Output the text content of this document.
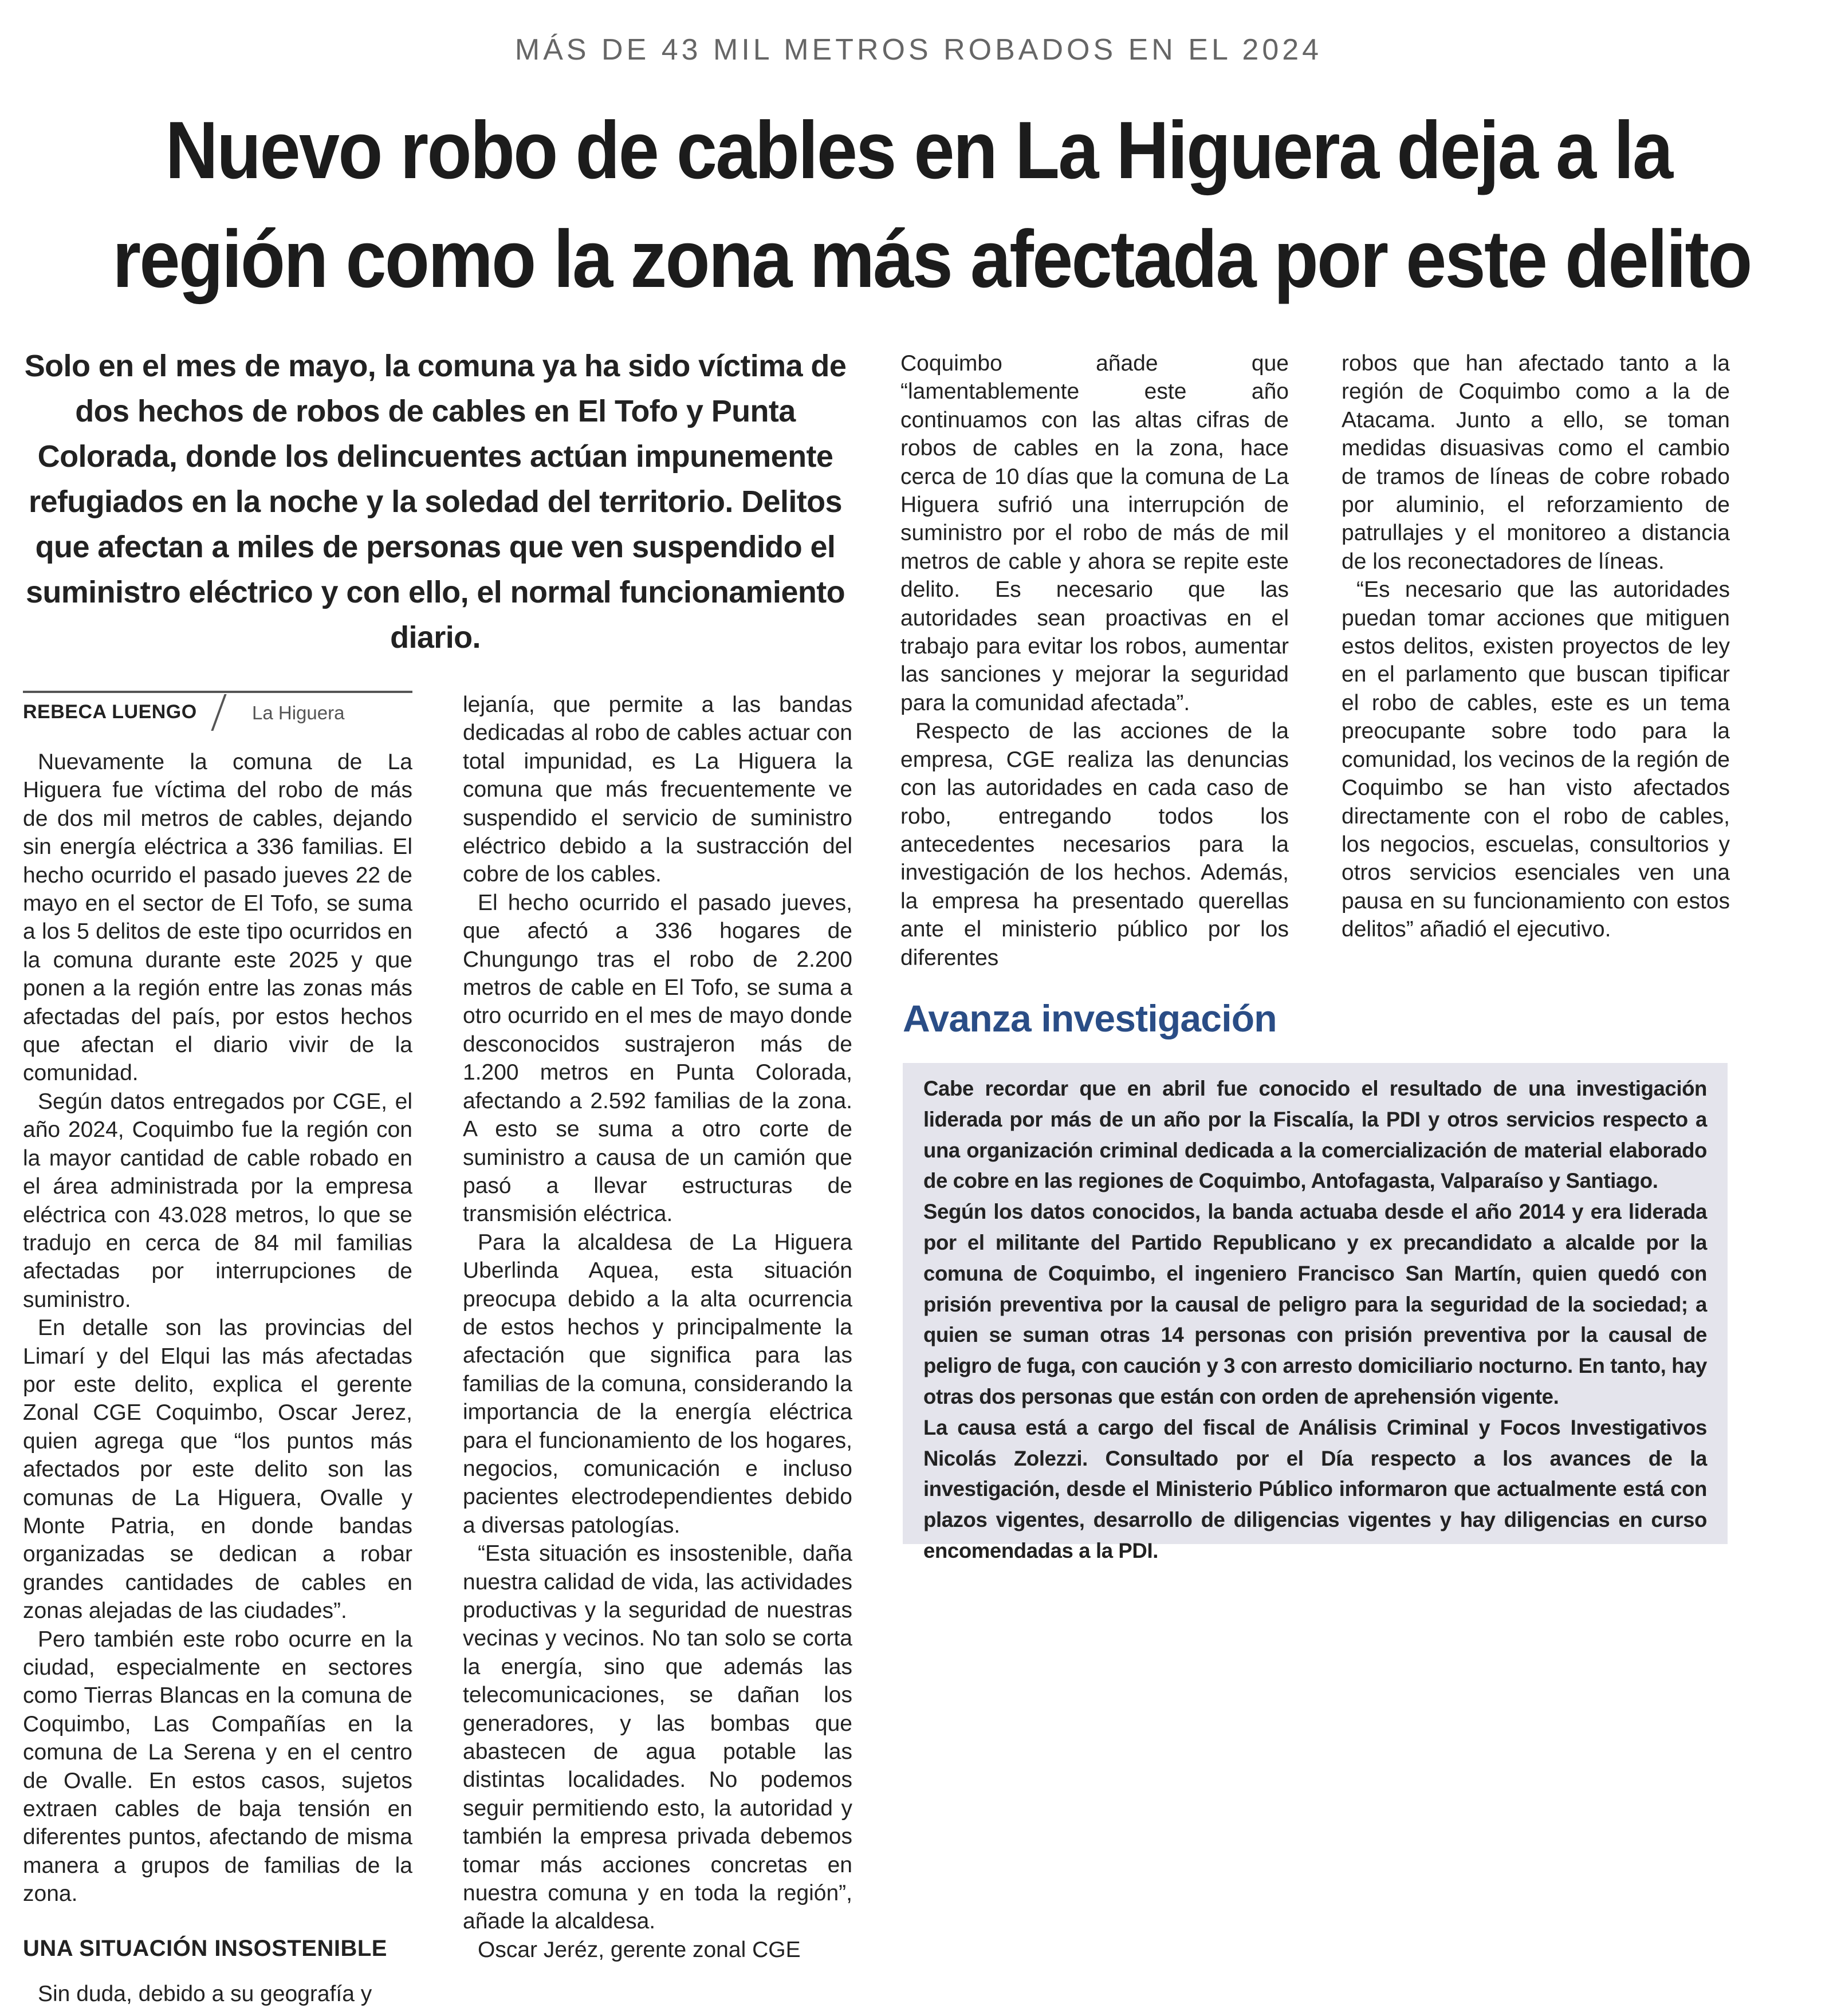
MÁS DE 43 MIL METROS ROBADOS EN EL 2024
Nuevo robo de cables en La Higuera deja a la
región como la zona más afectada por este delito
Solo en el mes de mayo, la comuna ya ha sido víctima de dos hechos de robos de cables en El Tofo y Punta Colorada, donde los delincuentes actúan impunemente refugiados en la noche y la soledad del territorio. Delitos que afectan a miles de personas que ven suspendido el suministro eléctrico y con ello, el normal funcionamiento diario.
REBECA LUENGO	La Higuera

Nuevamente la comuna de La Higuera fue víctima del robo de más de dos mil metros de cables, dejando sin energía eléctrica a 336 familias. El hecho ocurrido el pasado jueves 22 de mayo en el sector de El Tofo, se suma a los 5 delitos de este tipo ocurridos en la comuna durante este 2025 y que ponen a la región entre las zonas más afectadas del país, por estos hechos que afectan el diario vivir de la comunidad.

Según datos entregados por CGE, el año 2024, Coquimbo fue la región con la mayor cantidad de cable robado en el área administrada por la empresa eléctrica con 43.028 metros, lo que se tradujo en cerca de 84 mil familias afectadas por interrupciones de suministro.

En detalle son las provincias del Limarí y del Elqui las más afectadas por este delito, explica el gerente Zonal CGE Coquimbo, Oscar Jerez, quien agrega que “los puntos más afectados por este delito son las comunas de La Higuera, Ovalle y Monte Patria, en donde bandas organizadas se dedican a robar grandes cantidades de cables en zonas alejadas de las ciudades”.

Pero también este robo ocurre en la ciudad, especialmente en sectores como Tierras Blancas en la comuna de Coquimbo, Las Compañías en la comuna de La Serena y en el centro de Ovalle. En estos casos, sujetos extraen cables de baja tensión en diferentes puntos, afectando de misma manera a grupos de familias de la zona.

UNA SITUACIÓN INSOSTENIBLE

Sin duda, debido a su geografía y

lejanía, que permite a las bandas dedicadas al robo de cables actuar con total impunidad, es La Higuera la comuna que más frecuentemente ve suspendido el servicio de suministro eléctrico debido a la sustracción del cobre de los cables.

El hecho ocurrido el pasado jueves, que afectó a 336 hogares de Chungungo tras el robo de 2.200 metros de cable en El Tofo, se suma a otro ocurrido en el mes de mayo donde desconocidos sustrajeron más de 1.200 metros en Punta Colorada, afectando a 2.592 familias de la zona. A esto se suma a otro corte de suministro a causa de un camión que pasó a llevar estructuras de transmisión eléctrica.

Para la alcaldesa de La Higuera Uberlinda Aquea, esta situación preocupa debido a la alta ocurrencia de estos hechos y principalmente la afectación que significa para las familias de la comuna, considerando la importancia de la energía eléctrica para el funcionamiento de los hogares, negocios, comunicación e incluso pacientes electrodependientes debido a diversas patologías.

“Esta situación es insostenible, daña nuestra calidad de vida, las actividades productivas y la seguridad de nuestras vecinas y vecinos. No tan solo se corta la energía, sino que además las telecomunicaciones, se dañan los generadores, y las bombas que abastecen de agua potable las distintas localidades. No podemos seguir permitiendo esto, la autoridad y también la empresa privada debemos tomar más acciones concretas en nuestra comuna y en toda la región”, añade la alcaldesa.

Oscar Jeréz, gerente zonal CGE

Coquimbo añade que “lamentablemente este año continuamos con las altas cifras de robos de cables en la zona, hace cerca de 10 días que la comuna de La Higuera sufrió una interrupción de suministro por el robo de más de mil metros de cable y ahora se repite este delito. Es necesario que las autoridades sean proactivas en el trabajo para evitar los robos, aumentar las sanciones y mejorar la seguridad para la comunidad afectada”.

Respecto de las acciones de la empresa, CGE realiza las denuncias con las autoridades en cada caso de robo, entregando todos los antecedentes necesarios para la investigación de los hechos. Además, la empresa ha presentado querellas ante el ministerio público por los diferentes

robos que han afectado tanto a la región de Coquimbo como a la de Atacama. Junto a ello, se toman medidas disuasivas como el cambio de tramos de líneas de cobre robado por aluminio, el reforzamiento de patrullajes y el monitoreo a distancia de los reconectadores de líneas.

“Es necesario que las autoridades puedan tomar acciones que mitiguen estos delitos, existen proyectos de ley en el parlamento que buscan tipificar el robo de cables, este es un tema preocupante sobre todo para la comunidad, los vecinos de la región de Coquimbo se han visto afectados directamente con el robo de cables, los negocios, escuelas, consultorios y otros servicios esenciales ven una pausa en su funcionamiento con estos delitos” añadió el ejecutivo.

Avanza investigación

Cabe recordar que en abril fue conocido el resultado de una investigación liderada por más de un año por la Fiscalía, la PDI y otros servicios respecto a una organización criminal dedicada a la comercialización de material elaborado de cobre en las regiones de Coquimbo, Antofagasta, Valparaíso y Santiago.

Según los datos conocidos, la banda actuaba desde el año 2014 y era liderada por el militante del Partido Republicano y ex precandidato a alcalde por la comuna de Coquimbo, el ingeniero Francisco San Martín, quien quedó con prisión preventiva por la causal de peligro para la seguridad de la sociedad; a quien se suman otras 14 personas con prisión preventiva por la causal de peligro de fuga, con caución y 3 con arresto domiciliario nocturno. En tanto, hay otras dos personas que están con orden de aprehensión vigente.

La causa está a cargo del fiscal de Análisis Criminal y Focos Investigativos Nicolás Zolezzi. Consultado por el Día respecto a los avances de la investigación, desde el Ministerio Público informaron que actualmente está con plazos vigentes, desarrollo de diligencias vigentes y hay diligencias en curso encomendadas a la PDI.
